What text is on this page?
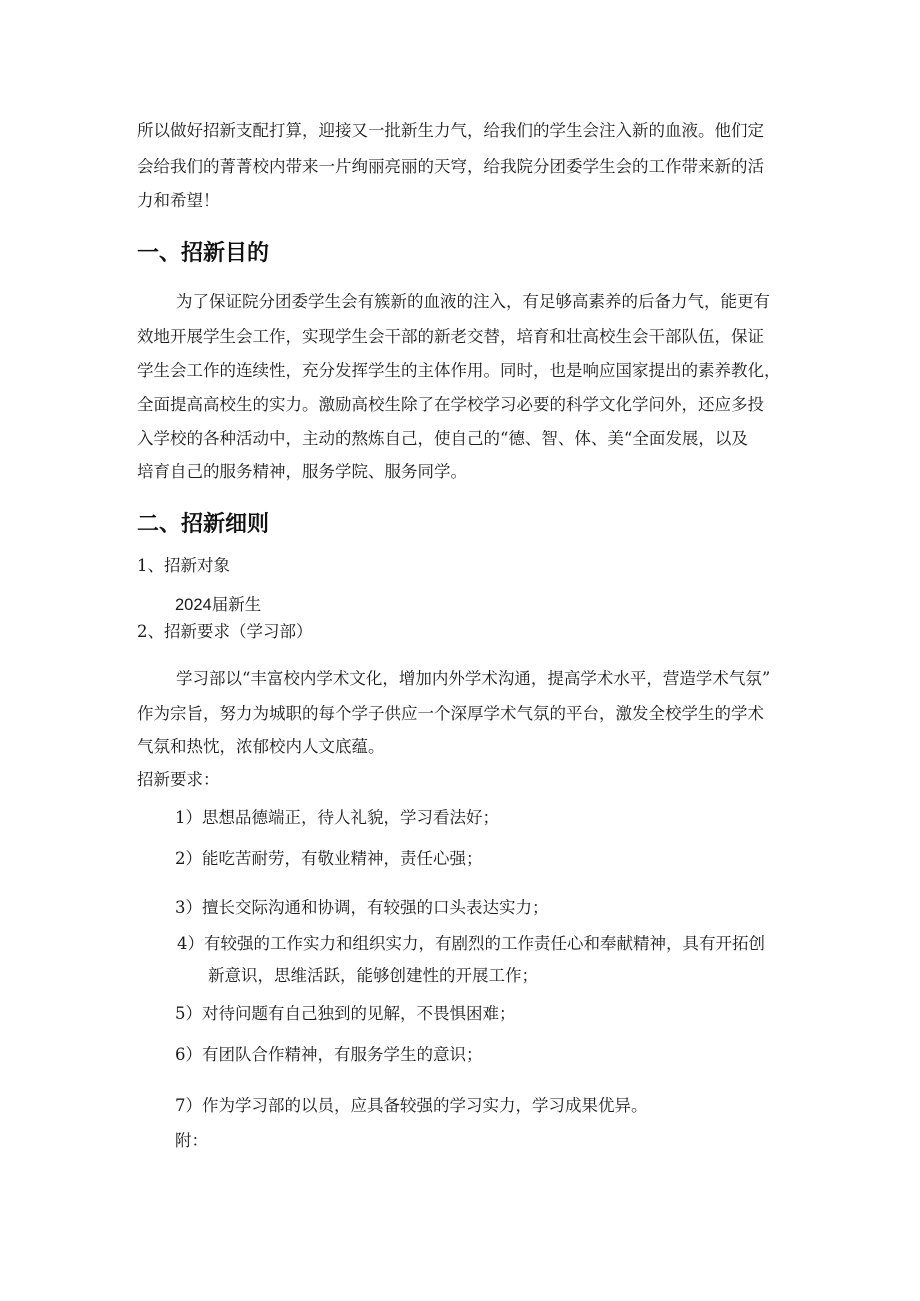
所以做好招新支配打算，迎接又一批新生力气，给我们的学生会注入新的血液。他们定
会给我们的菁菁校内带来一片绚丽亮丽的天穹，给我院分团委学生会的工作带来新的活
力和希望！
一、招新目的
为了保证院分团委学生会有簇新的血液的注入，有足够高素养的后备力气，能更有
效地开展学生会工作，实现学生会干部的新老交替，培育和壮高校生会干部队伍，保证
学生会工作的连续性，充分发挥学生的主体作用。同时，也是响应国家提出的素养教化，
全面提高高校生的实力。激励高校生除了在学校学习必要的科学文化学问外，还应多投
入学校的各种活动中，主动的熬炼自己，使自己的“德、智、体、美“全面发展，以及
培育自己的服务精神，服务学院、服务同学。
二、招新细则
1、招新对象
2024届新生
2、招新要求（学习部）
学习部以“丰富校内学术文化，增加内外学术沟通，提高学术水平，营造学术气氛”
作为宗旨，努力为城职的每个学子供应一个深厚学术气氛的平台，激发全校学生的学术
气氛和热忱，浓郁校内人文底蕴。
招新要求：
1）思想品德端正，待人礼貌，学习看法好；
2）能吃苦耐劳，有敬业精神，责任心强；
3）擅长交际沟通和协调，有较强的口头表达实力；
4）有较强的工作实力和组织实力，有剧烈的工作责任心和奉献精神，具有开拓创
新意识，思维活跃，能够创建性的开展工作；
5）对待问题有自己独到的见解，不畏惧困难；
6）有团队合作精神，有服务学生的意识；
7）作为学习部的以员，应具备较强的学习实力，学习成果优异。
附：
